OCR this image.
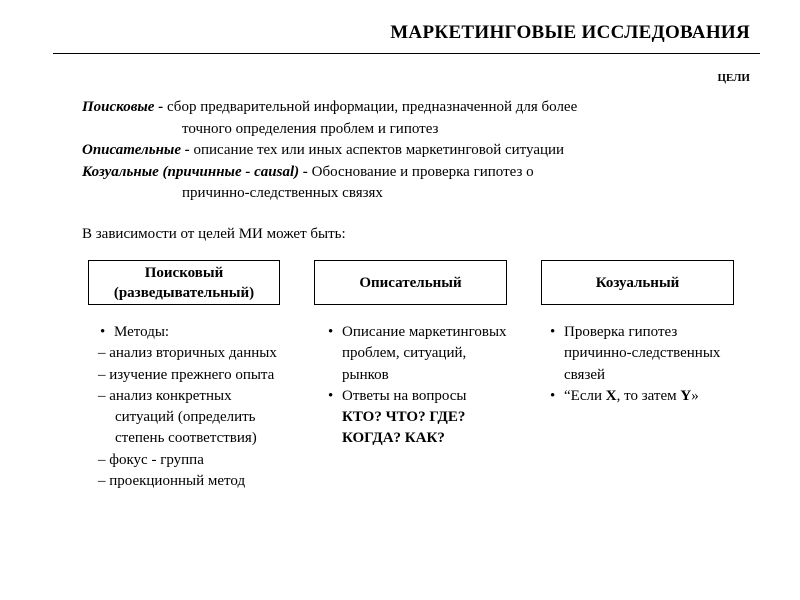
МАРКЕТИНГОВЫЕ ИССЛЕДОВАНИЯ
ЦЕЛИ
Поисковые - сбор предварительной информации, предназначенной для более
точного определения проблем и гипотез
Описательные - описание тех или иных аспектов маркетинговой ситуации
Козуальные (причинные - causal) - Обоснование и проверка гипотез о
причинно-следственных связях
В зависимости от целей МИ может быть:
Поисковый (разведывательный)
Описательный	Козуальный
• Методы:
– анализ вторичных данных
– изучение прежнего опыта
– анализ конкретных ситуаций (определить степень соответствия)
– фокус - группа
– проекционный метод
• Описание маркетинговых проблем, ситуаций, рынков
• Ответы на вопросы
КТО? ЧТО? ГДЕ? КОГДА? КАК?
• Проверка гипотез причинно-следственных связей
• “Если X, то затем Y»
